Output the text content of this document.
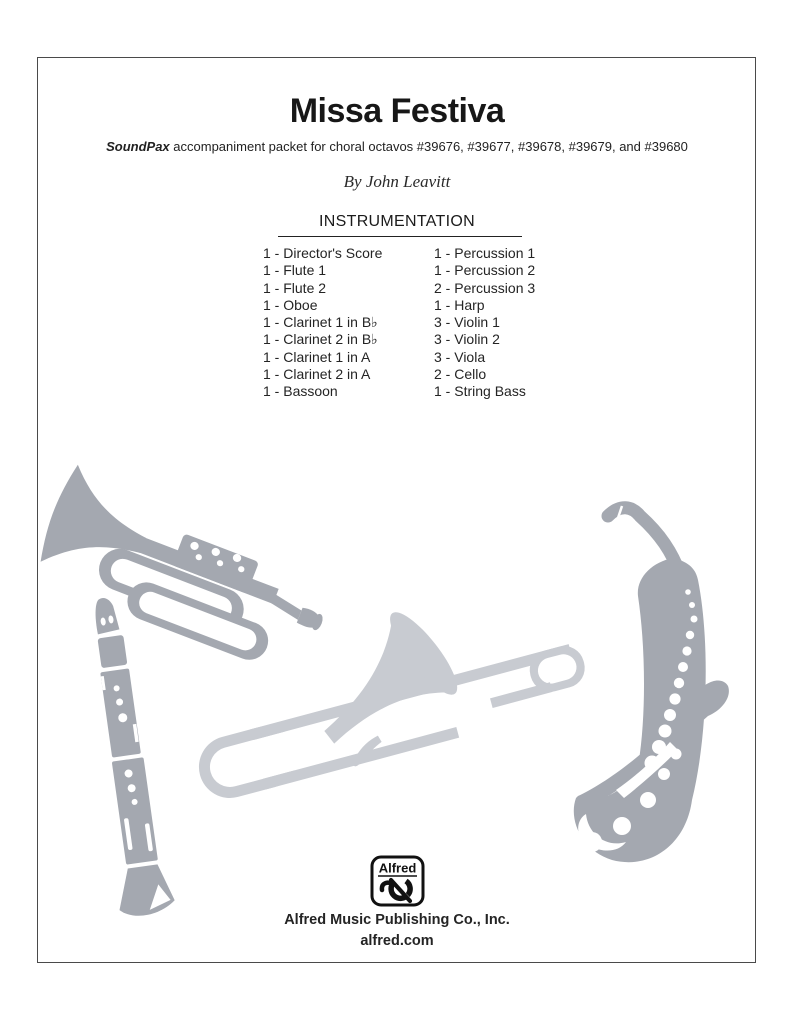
Missa Festiva
SoundPax accompaniment packet for choral octavos #39676, #39677, #39678, #39679, and #39680
By John Leavitt
INSTRUMENTATION
1 - Director's Score
1 - Flute 1
1 - Flute 2
1 - Oboe
1 - Clarinet 1 in B♭
1 - Clarinet 2 in B♭
1 - Clarinet 1 in A
1 - Clarinet 2 in A
1 - Bassoon
1 - Percussion 1
1 - Percussion 2
2 - Percussion 3
1 - Harp
3 - Violin 1
3 - Violin 2
3 - Viola
2 - Cello
1 - String Bass
Alfred
Alfred Music Publishing Co., Inc.
alfred.com
